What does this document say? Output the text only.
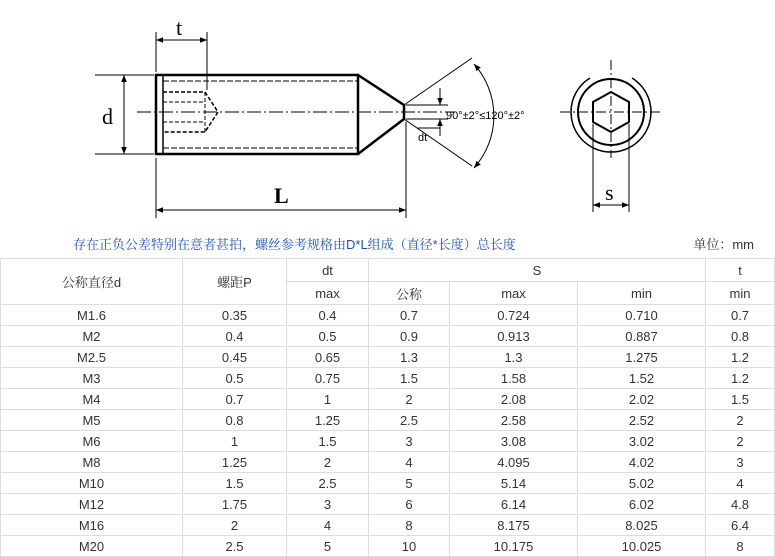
t
d
L
dt
90°±2°≤120°±2°
s
存在正负公差特别在意者甚拍，螺丝参考规格由D*L组成（直径*长度）总长度	单位：mm
公称直径d	螺距P	dt	S			t
		max	公称	max	min	min
M1.6	0.35	0.4	0.7	0.724	0.710	0.7
M2	0.4	0.5	0.9	0.913	0.887	0.8
M2.5	0.45	0.65	1.3	1.3	1.275	1.2
M3	0.5	0.75	1.5	1.58	1.52	1.2
M4	0.7	1	2	2.08	2.02	1.5
M5	0.8	1.25	2.5	2.58	2.52	2
M6	1	1.5	3	3.08	3.02	2
M8	1.25	2	4	4.095	4.02	3
M10	1.5	2.5	5	5.14	5.02	4
M12	1.75	3	6	6.14	6.02	4.8
M16	2	4	8	8.175	8.025	6.4
M20	2.5	5	10	10.175	10.025	8
